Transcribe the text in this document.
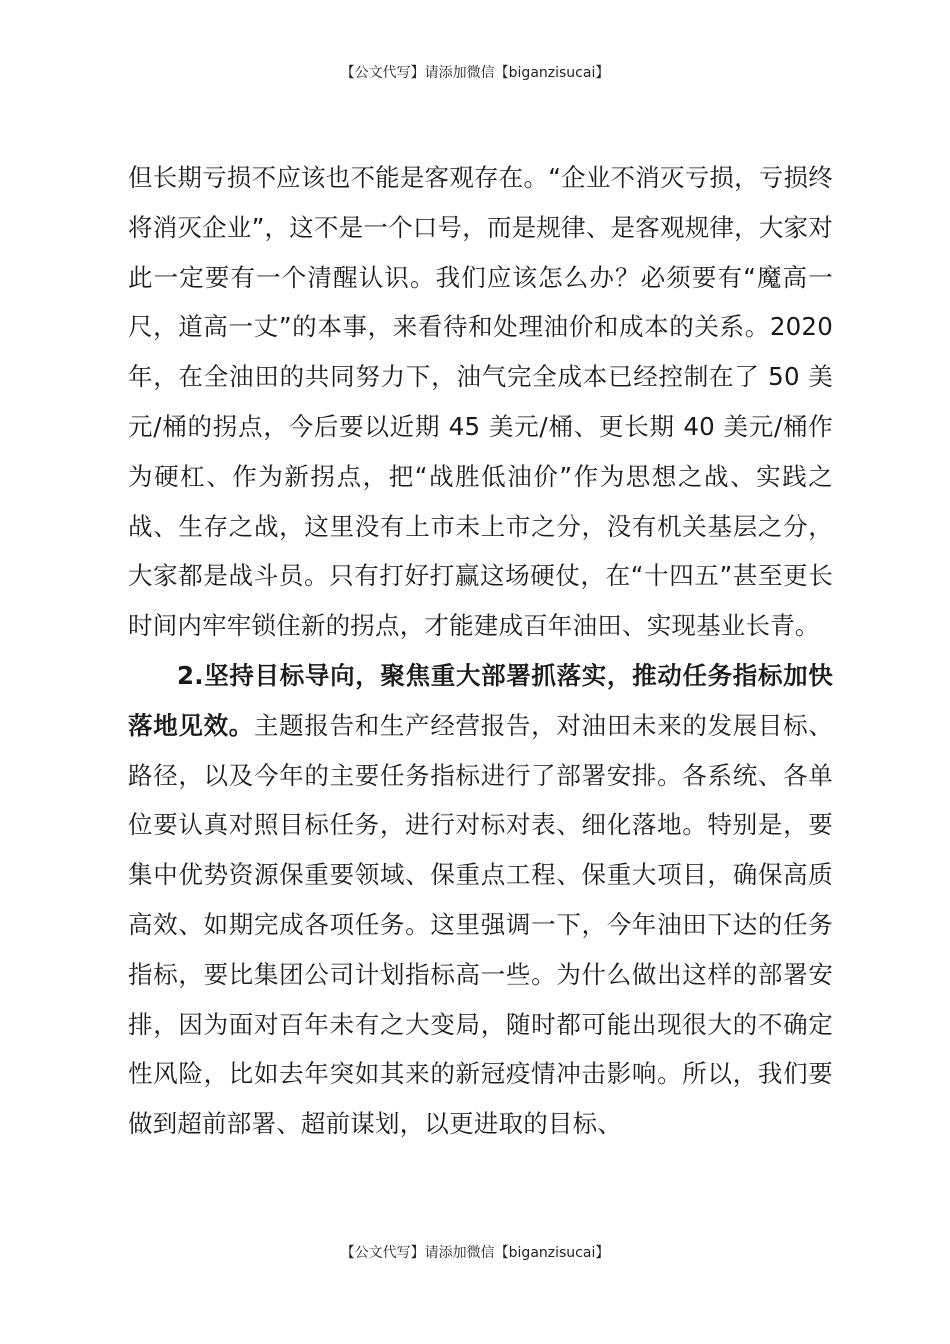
【公文代写】请添加微信【biganzisucai】

但长期亏损不应该也不能是客观存在。“企业不消灭亏损，亏损终将消灭企业”，这不是一个口号，而是规律、是客观规律，大家对此一定要有一个清醒认识。我们应该怎么办？必须要有“魔高一尺，道高一丈”的本事，来看待和处理油价和成本的关系。2020 年，在全油田的共同努力下，油气完全成本已经控制在了 50 美元/桶的拐点，今后要以近期 45 美元/桶、更长期 40 美元/桶作为硬杠、作为新拐点，把“战胜低油价”作为思想之战、实践之战、生存之战，这里没有上市未上市之分，没有机关基层之分，大家都是战斗员。只有打好打赢这场硬仗，在“十四五”甚至更长时间内牢牢锁住新的拐点，才能建成百年油田、实现基业长青。

2.坚持目标导向，聚焦重大部署抓落实，推动任务指标加快落地见效。主题报告和生产经营报告，对油田未来的发展目标、路径，以及今年的主要任务指标进行了部署安排。各系统、各单位要认真对照目标任务，进行对标对表、细化落地。特别是，要集中优势资源保重要领域、保重点工程、保重大项目，确保高质高效、如期完成各项任务。这里强调一下，今年油田下达的任务指标，要比集团公司计划指标高一些。为什么做出这样的部署安排，因为面对百年未有之大变局，随时都可能出现很大的不确定性风险，比如去年突如其来的新冠疫情冲击影响。所以，我们要做到超前部署、超前谋划，以更进取的目标、

【公文代写】请添加微信【biganzisucai】
